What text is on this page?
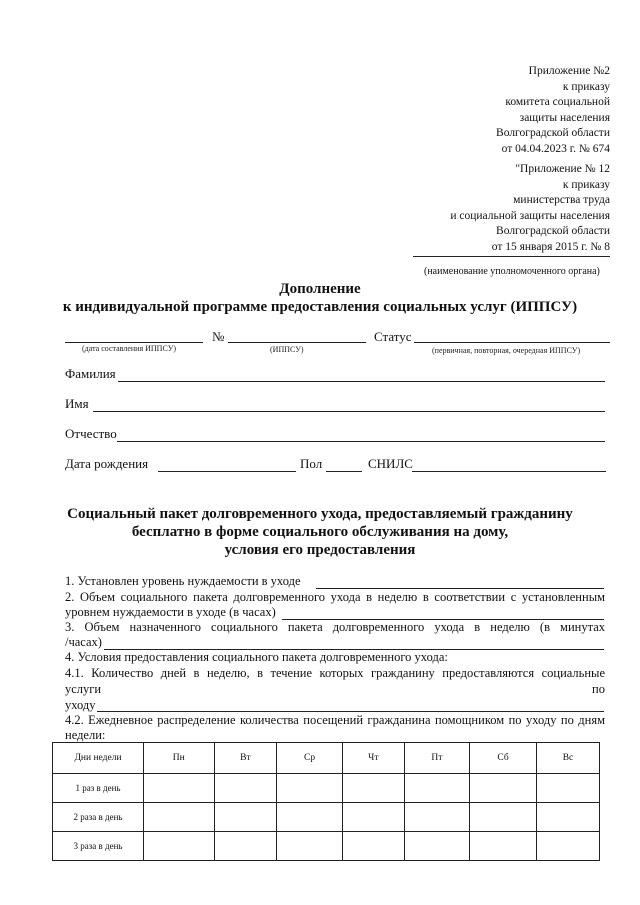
Приложение №2
к приказу
комитета социальной
защиты населения
Волгоградской области
от 04.04.2023 г. № 674
"Приложение № 12
к приказу
министерства труда
и социальной защиты населения
Волгоградской области
от 15 января 2015 г. № 8
(наименование уполномоченного органа)
Дополнение
к индивидуальной программе предоставления социальных услуг (ИППСУ)
№	Статус
(дата составления ИППСУ)	(ИППСУ)	(первичная, повторная, очередная ИППСУ)
Фамилия
Имя
Отчество
Дата рождения	Пол	СНИЛС
Социальный пакет долговременного ухода, предоставляемый гражданину
бесплатно в форме социального обслуживания на дому,
условия его предоставления
1. Установлен уровень нуждаемости в уходе
2. Объем социального пакета долговременного ухода в неделю в соответствии с установленным
уровнем нуждаемости в уходе (в часах)
3. Объем назначенного социального пакета долговременного ухода в неделю (в минутах
/часах)
4. Условия предоставления социального пакета долговременного ухода:
4.1. Количество дней в неделю, в течение которых гражданину предоставляются социальные
услуги	по
уходу
4.2. Ежедневное распределение количества посещений гражданина помощником по уходу по дням
недели:
Дни недели	Пн	Вт	Ср	Чт	Пт	Сб	Вс
1 раз в день							
2 раза в день							
3 раза в день							
